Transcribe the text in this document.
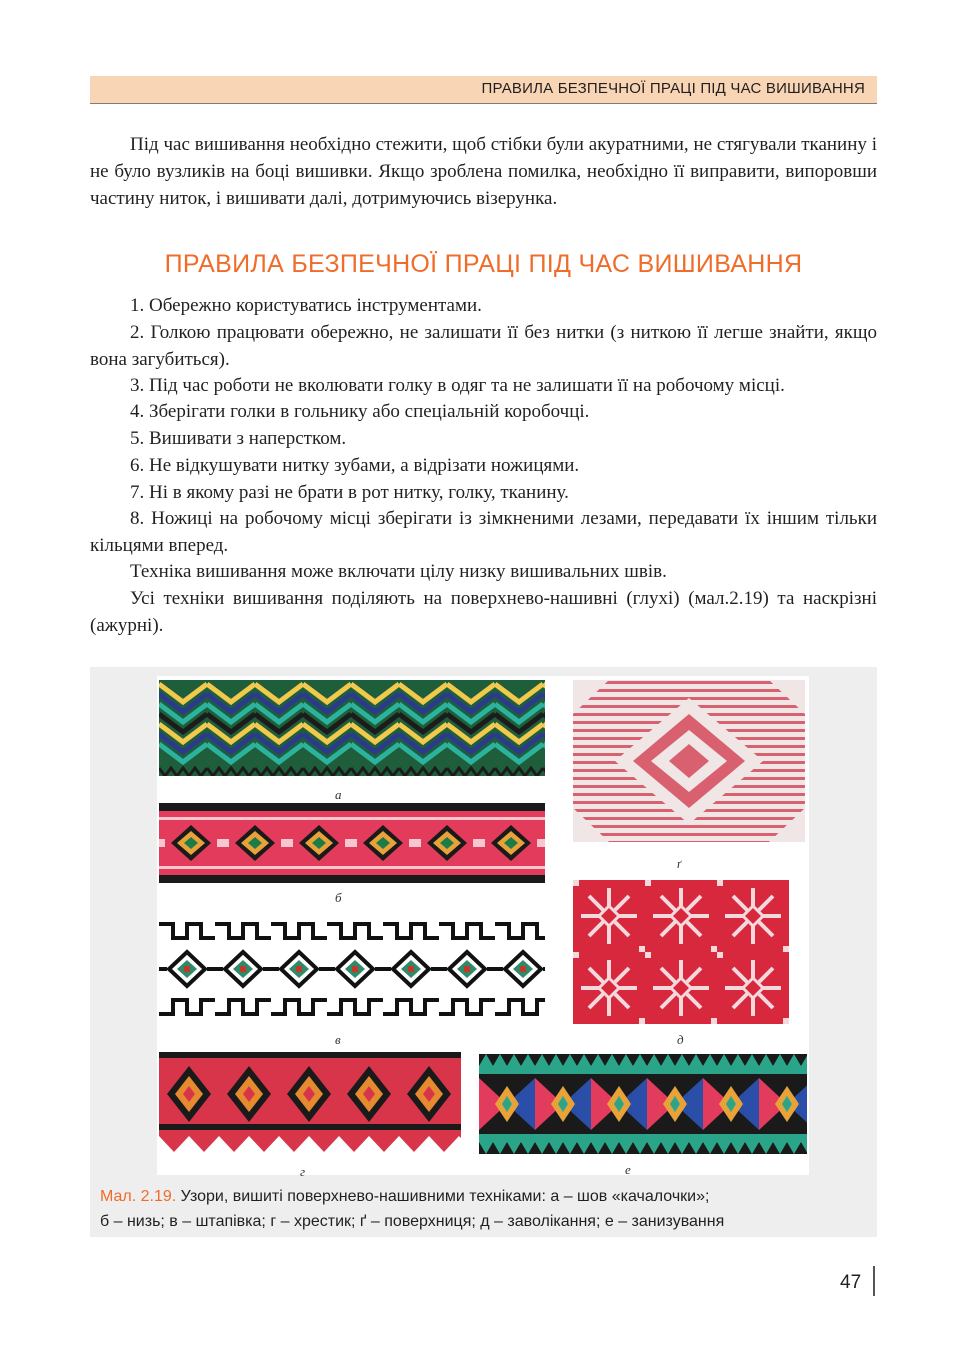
ПРАВИЛА БЕЗПЕЧНОЇ ПРАЦІ ПІД ЧАС ВИШИВАННЯ

Під час вишивання необхідно стежити, щоб стібки були акуратними, не стягували тканину і не було вузликів на боці вишивки. Якщо зроблена помилка, необхідно її виправити, випоровши частину ниток, і вишивати далі, дотримуючись візерунка.

ПРАВИЛА БЕЗПЕЧНОЇ ПРАЦІ ПІД ЧАС ВИШИВАННЯ

1. Обережно користуватись інструментами.

2. Голкою працювати обережно, не залишати її без нитки (з ниткою її легше знайти, якщо вона загубиться).

3. Під час роботи не вколювати голку в одяг та не залишати її на робочому місці.

4. Зберігати голки в гольнику або спеціальній коробочці.

5. Вишивати з наперстком.

6. Не відкушувати нитку зубами, а відрізати ножицями.

7. Ні в якому разі не брати в рот нитку, голку, тканину.

8. Ножиці на робочому місці зберігати із зімкненими лезами, передавати їх іншим тільки кільцями вперед.

Техніка вишивання може включати цілу низку вишивальних швів.

Усі техніки вишивання поділяють на поверхнево-нашивні (глухі) (мал.2.19) та наскрізні (ажурні).

а
б
в
г
ґ
д
е
Мал. 2.19. Узори, вишиті поверхнево-нашивними техніками: а – шов «качалочки»;
б – низь; в – штапівка; г – хрестик; ґ – поверхниця; д – заволікання; е – занизування
47
